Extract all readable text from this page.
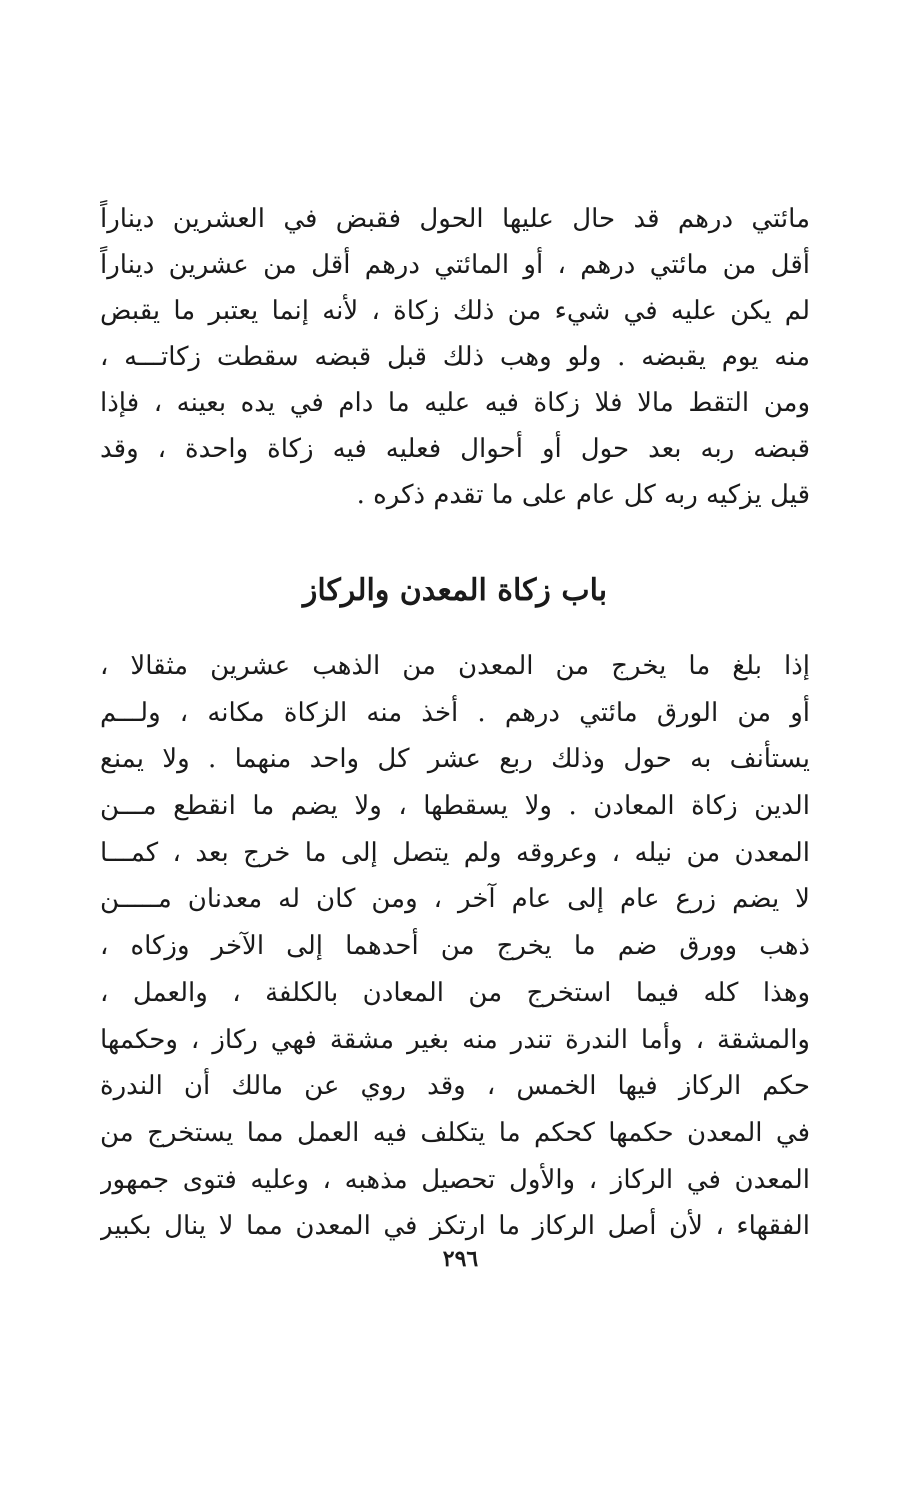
مائتي درهم قد حال عليها الحول فقبض في العشرين ديناراً
أقل من مائتي درهم ، أو المائتي درهم أقل من عشرين ديناراً
لم يكن عليه في شيء من ذلك زكاة ، لأنه إنما يعتبر ما يقبض
منه يوم يقبضه . ولو وهب ذلك قبل قبضه سقطت زكاتـــه ،
ومن التقط مالا فلا زكاة فيه عليه ما دام في يده بعينه ، فإذا
قبضه ربه بعد حول أو أحوال فعليه فيه زكاة واحدة ، وقد
قيل يزكيه ربه كل عام على ما تقدم ذكره .
باب زكاة المعدن والركاز
إذا بلغ ما يخرج من المعدن من الذهب عشرين مثقالا ،
أو من الورق مائتي درهم . أخذ منه الزكاة مكانه ، ولـــم
يستأنف به حول وذلك ربع عشر كل واحد منهما . ولا يمنع
الدين زكاة المعادن . ولا يسقطها ، ولا يضم ما انقطع مـــن
المعدن من نيله ، وعروقه ولم يتصل إلى ما خرج بعد ، كمـــا
لا يضم زرع عام إلى عام آخر ، ومن كان له معدنان مـــــن
ذهب وورق ضم ما يخرج من أحدهما إلى الآخر وزكاه ،
وهذا كله فيما استخرج من المعادن بالكلفة ، والعمل ،
والمشقة ، وأما الندرة تندر منه بغير مشقة فهي ركاز ، وحكمها
حكم الركاز فيها الخمس ، وقد روي عن مالك أن الندرة
في المعدن حكمها كحكم ما يتكلف فيه العمل مما يستخرج من
المعدن في الركاز ، والأول تحصيل مذهبه ، وعليه فتوى جمهور
الفقهاء ، لأن أصل الركاز ما ارتكز في المعدن مما لا ينال بكبير
٢٩٦
